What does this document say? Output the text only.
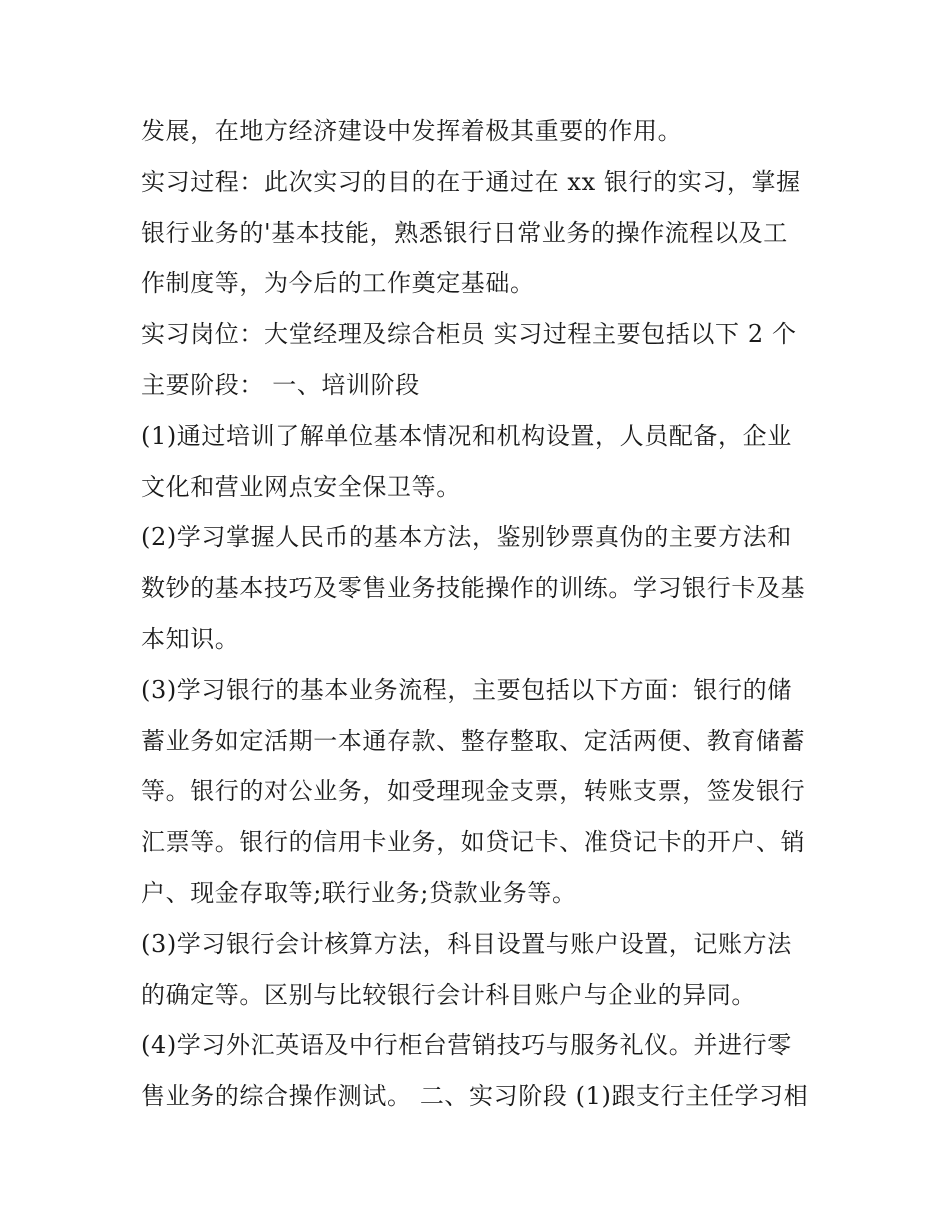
发展，在地方经济建设中发挥着极其重要的作用。
实习过程：此次实习的目的在于通过在 xx 银行的实习，掌握
银行业务的'基本技能，熟悉银行日常业务的操作流程以及工
作制度等，为今后的工作奠定基础。
实习岗位：大堂经理及综合柜员 实习过程主要包括以下 2 个
主要阶段： 一、培训阶段
(1)通过培训了解单位基本情况和机构设置，人员配备，企业
文化和营业网点安全保卫等。
(2)学习掌握人民币的基本方法，鉴别钞票真伪的主要方法和
数钞的基本技巧及零售业务技能操作的训练。学习银行卡及基
本知识。
(3)学习银行的基本业务流程，主要包括以下方面：银行的储
蓄业务如定活期一本通存款、整存整取、定活两便、教育储蓄
等。银行的对公业务，如受理现金支票，转账支票，签发银行
汇票等。银行的信用卡业务，如贷记卡、准贷记卡的开户、销
户、现金存取等;联行业务;贷款业务等。
(3)学习银行会计核算方法，科目设置与账户设置，记账方法
的确定等。区别与比较银行会计科目账户与企业的异同。
(4)学习外汇英语及中行柜台营销技巧与服务礼仪。并进行零
售业务的综合操作测试。 二、实习阶段 (1)跟支行主任学习相
